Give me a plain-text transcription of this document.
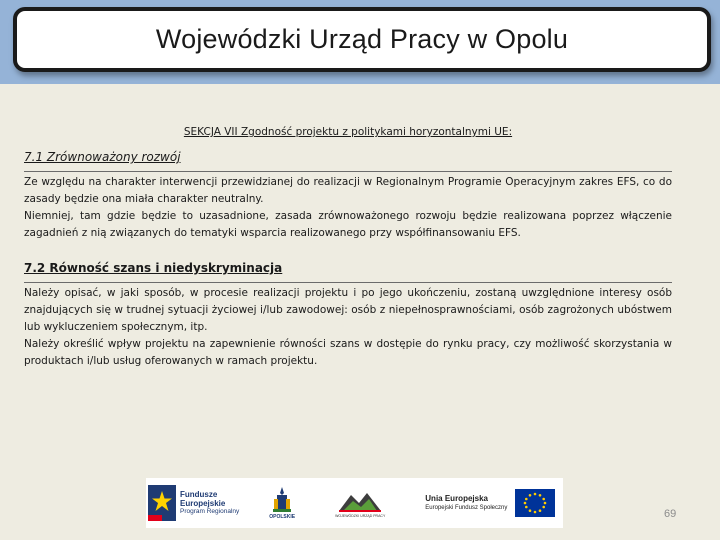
Wojewódzki Urząd Pracy w Opolu
SEKCJA VII Zgodność projektu z politykami horyzontalnymi UE:
7.1 Zrównoważony rozwój

Ze względu na charakter interwencji przewidzianej do realizacji w Regionalnym Programie Operacyjnym zakres EFS, co do zasady będzie ona miała charakter neutralny.

Niemniej, tam gdzie będzie to uzasadnione, zasada zrównoważonego rozwoju będzie realizowana poprzez włączenie zagadnień z nią związanych do tematyki wsparcia realizowanego przy współfinansowaniu EFS.

7.2 Równość szans i niedyskryminacja

Należy opisać, w jaki sposób, w procesie realizacji projektu i po jego ukończeniu, zostaną uwzględnione interesy osób znajdujących się w trudnej sytuacji życiowej i/lub zawodowej: osób z niepełnosprawnościami, osób zagrożonych ubóstwem lub wykluczeniem społecznym, itp.

Należy określić wpływ projektu na zapewnienie równości szans w dostępie do rynku pracy, czy możliwość skorzystania w produktach i/lub usług oferowanych w ramach projektu.

Fundusze
Europejskie
Program Regionalny
OPOLSKIE	WOJEWÓDZKI URZĄD PRACY
Unia Europejska
Europejski Fundusz Społeczny	69
